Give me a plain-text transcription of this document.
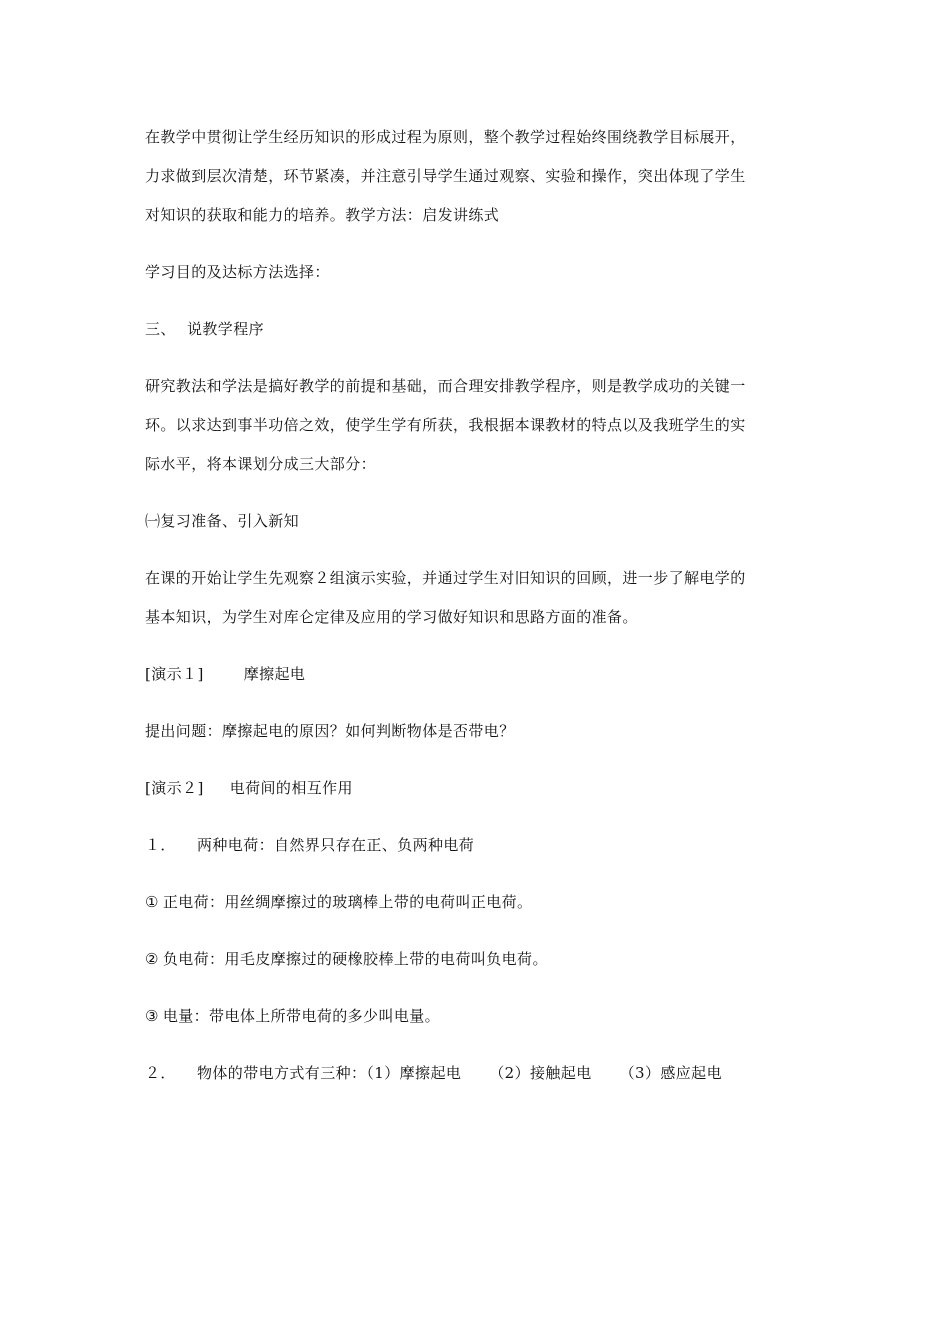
在教学中贯彻让学生经历知识的形成过程为原则，整个教学过程始终围绕教学目标展开，
力求做到层次清楚，环节紧凑，并注意引导学生通过观察、实验和操作，突出体现了学生
对知识的获取和能力的培养。教学方法：启发讲练式

学习目的及达标方法选择：

三、 说教学程序

研究教法和学法是搞好教学的前提和基础，而合理安排教学程序，则是教学成功的关键一
环。以求达到事半功倍之效，使学生学有所获，我根据本课教材的特点以及我班学生的实
际水平，将本课划分成三大部分：

㈠复习准备、引入新知

在课的开始让学生先观察２组演示实验，并通过学生对旧知识的回顾，进一步了解电学的
基本知识，为学生对库仑定律及应用的学习做好知识和思路方面的准备。

[演示１]	摩擦起电

提出问题：摩擦起电的原因？如何判断物体是否带电？

[演示２] 电荷间的相互作用

１． 两种电荷：自然界只存在正、负两种电荷

① 正电荷：用丝绸摩擦过的玻璃棒上带的电荷叫正电荷。

② 负电荷：用毛皮摩擦过的硬橡胶棒上带的电荷叫负电荷。

③ 电量：带电体上所带电荷的多少叫电量。

２． 物体的带电方式有三种：（1）摩擦起电 （2）接触起电 （3）感应起电
